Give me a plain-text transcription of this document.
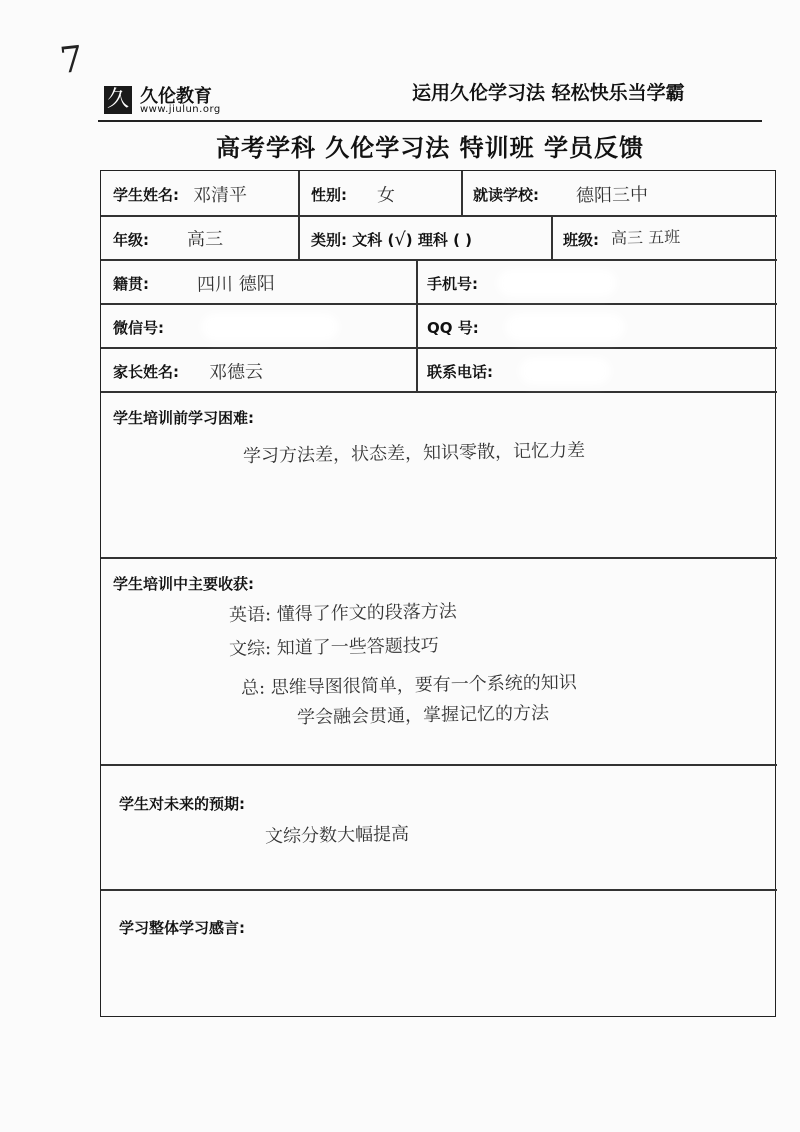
7
久 久伦教育
www.jiulun.org
运用久伦学习法 轻松快乐当学霸
高考学科 久伦学习法 特训班 学员反馈
学生姓名: 邓清平	性别: 女	就读学校: 德阳三中
年级: 高三	类别: 文科 (√) 理科 ( )	班级: 高三 五班
籍贯:	四川 德阳	手机号:
微信号:	QQ 号:
家长姓名: 邓德云	联系电话:
学生培训前学习困难:
学习方法差，状态差，知识零散，记忆力差
学生培训中主要收获:
英语: 懂得了作文的段落方法
文综: 知道了一些答题技巧
总: 思维导图很简单，要有一个系统的知识
学会融会贯通，掌握记忆的方法
学生对未来的预期:
文综分数大幅提高
学习整体学习感言:
